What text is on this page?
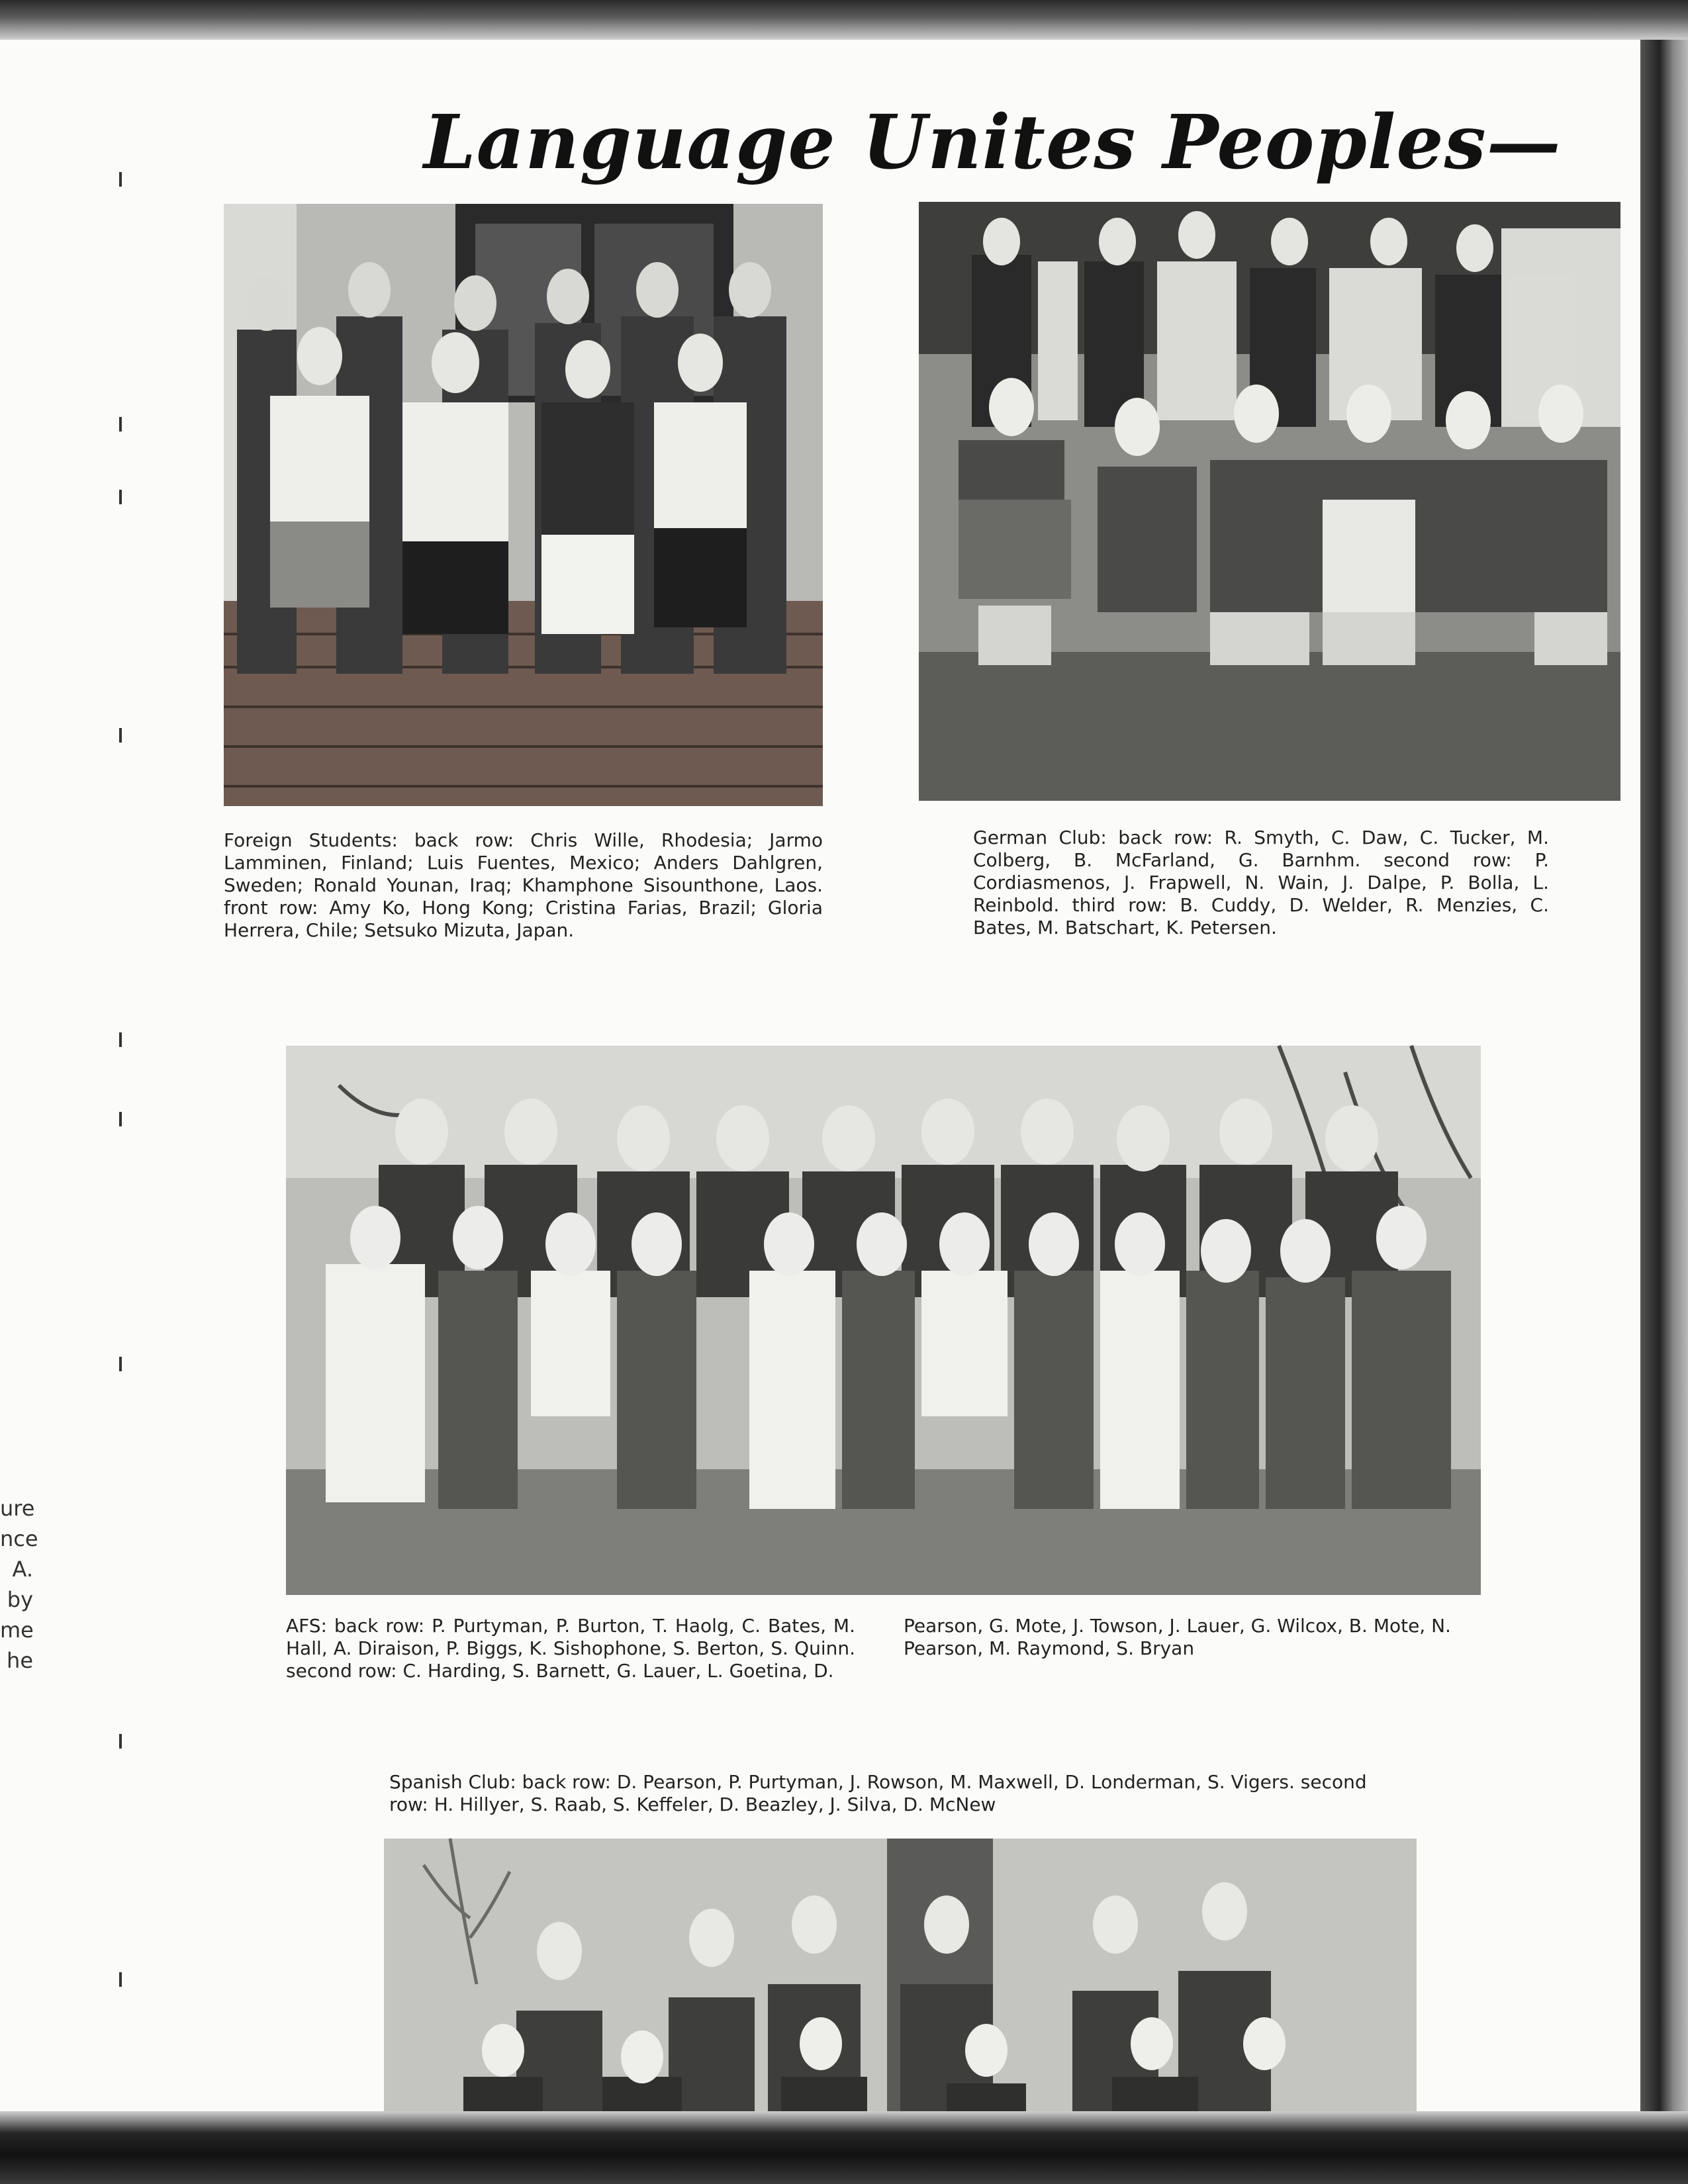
Language Unites Peoples—
Foreign Students: back row: Chris Wille, Rhodesia; Jarmo Lamminen, Finland; Luis Fuentes, Mexico; Anders Dahlgren, Sweden; Ronald Younan, Iraq; Khamphone Sisounthone, Laos. front row: Amy Ko, Hong Kong; Cristina Farias, Brazil; Gloria Herrera, Chile; Setsuko Mizuta, Japan.
German Club: back row: R. Smyth, C. Daw, C. Tucker, M. Colberg, B. McFarland, G. Barnhm. second row: P. Cordiasmenos, J. Frapwell, N. Wain, J. Dalpe, P. Bolla, L. Reinbold. third row: B. Cuddy, D. Welder, R. Menzies, C. Bates, M. Batschart, K. Petersen.
AFS: back row: P. Purtyman, P. Burton, T. Haolg, C. Bates, M. Hall, A. Diraison, P. Biggs, K. Sishophone, S. Berton, S. Quinn. second row: C. Harding, S. Barnett, G. Lauer, L. Goetina, D.
Pearson, G. Mote, J. Towson, J. Lauer, G. Wilcox, B. Mote, N. Pearson, M. Raymond, S. Bryan
Spanish Club: back row: D. Pearson, P. Purtyman, J. Rowson, M. Maxwell, D. Londerman, S. Vigers. second row: H. Hillyer, S. Raab, S. Keffeler, D. Beazley, J. Silva, D. McNew
ure
nce
A.
by
me
he
